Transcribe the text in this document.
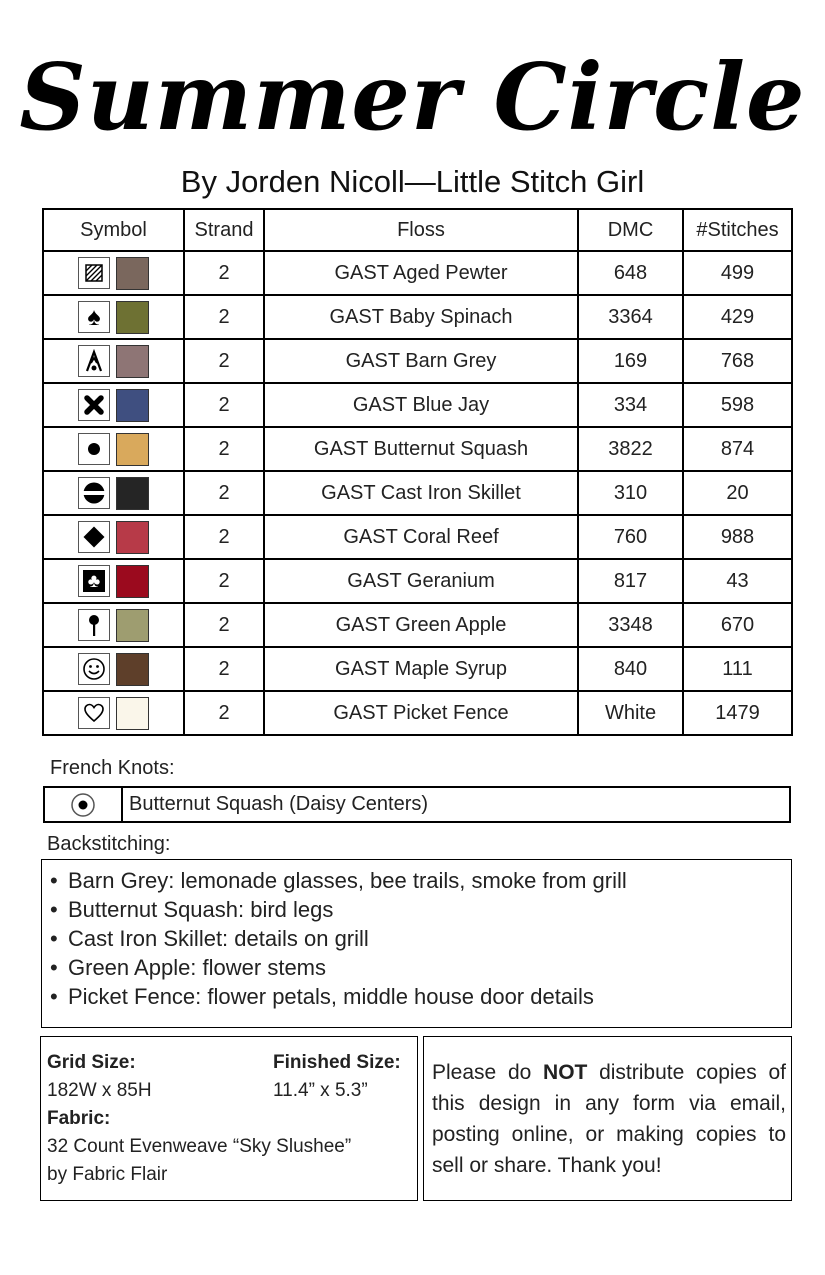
Summer Circle
By Jorden Nicoll—Little Stitch Girl
Symbol	Strand	Floss	DMC	#Stitches

	2	GAST Aged Pewter	648	499

♠	2	GAST Baby Spinach	3364	429

	2	GAST Barn Grey	169	768

	2	GAST Blue Jay	334	598

	2	GAST Butternut Squash	3822	874

	2	GAST Cast Iron Skillet	310	20

	2	GAST Coral Reef	760	988

♣	2	GAST Geranium	817	43

	2	GAST Green Apple	3348	670

	2	GAST Maple Syrup	840	111

	2	GAST Picket Fence	White	1479
French Knots:
Butternut Squash (Daisy Centers)
Backstitching:
• Barn Grey: lemonade glasses, bee trails, smoke from grill
• Butternut Squash: bird legs
• Cast Iron Skillet: details on grill
• Green Apple: flower stems
• Picket Fence: flower petals, middle house door details
Grid Size:
182W x 85H
Finished Size:
11.4” x 5.3”
Fabric:
32 Count Evenweave “Sky Slushee”
by Fabric Flair
Please do NOT distribute copies of this design in any form via email, posting online, or making copies to sell or share. Thank you!
